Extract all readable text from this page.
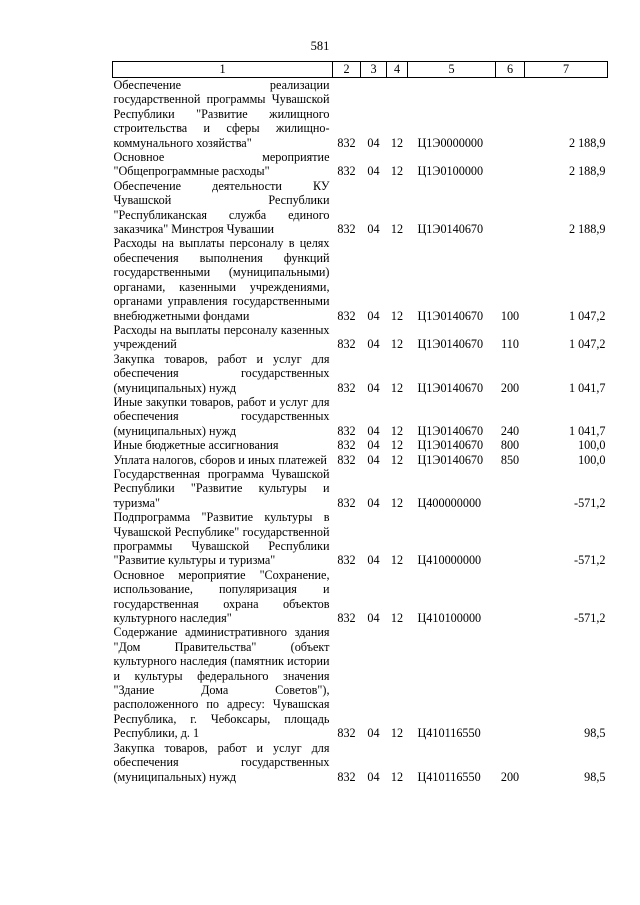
581
1	2	3	4	5	6	7
Обеспечение реализации государственной программы Чувашской Республики "Развитие жилищного строительства и сферы жилищно-коммунального хозяйства"	832	04	12	Ц1Э0000000		2 188,9
Основное мероприятие "Общепрограммные расходы"	832	04	12	Ц1Э0100000		2 188,9
Обеспечение деятельности КУ Чувашской Республики "Республиканская служба единого заказчика" Минстроя Чувашии	832	04	12	Ц1Э0140670		2 188,9
Расходы на выплаты персоналу в целях обеспечения выполнения функций государственными (муниципальными) органами, казенными учреждениями, органами управления государственными внебюджетными фондами	832	04	12	Ц1Э0140670	100	1 047,2
Расходы на выплаты персоналу казенных учреждений	832	04	12	Ц1Э0140670	110	1 047,2
Закупка товаров, работ и услуг для обеспечения государственных (муниципальных) нужд	832	04	12	Ц1Э0140670	200	1 041,7
Иные закупки товаров, работ и услуг для обеспечения государственных (муниципальных) нужд	832	04	12	Ц1Э0140670	240	1 041,7
Иные бюджетные ассигнования	832	04	12	Ц1Э0140670	800	100,0
Уплата налогов, сборов и иных платежей	832	04	12	Ц1Э0140670	850	100,0
Государственная программа Чувашской Республики "Развитие культуры и туризма"	832	04	12	Ц400000000		-571,2
Подпрограмма "Развитие культуры в Чувашской Республике" государственной программы Чувашской Республики "Развитие культуры и туризма"	832	04	12	Ц410000000		-571,2
Основное мероприятие "Сохранение, использование, популяризация и государственная охрана объектов культурного наследия"	832	04	12	Ц410100000		-571,2
Содержание административного здания "Дом Правительства" (объект культурного наследия (памятник истории и культуры федерального значения "Здание Дома Советов"), расположенного по адресу: Чувашская Республика, г. Чебоксары, площадь Республики, д. 1	832	04	12	Ц410116550		98,5
Закупка товаров, работ и услуг для обеспечения государственных (муниципальных) нужд	832	04	12	Ц410116550	200	98,5
